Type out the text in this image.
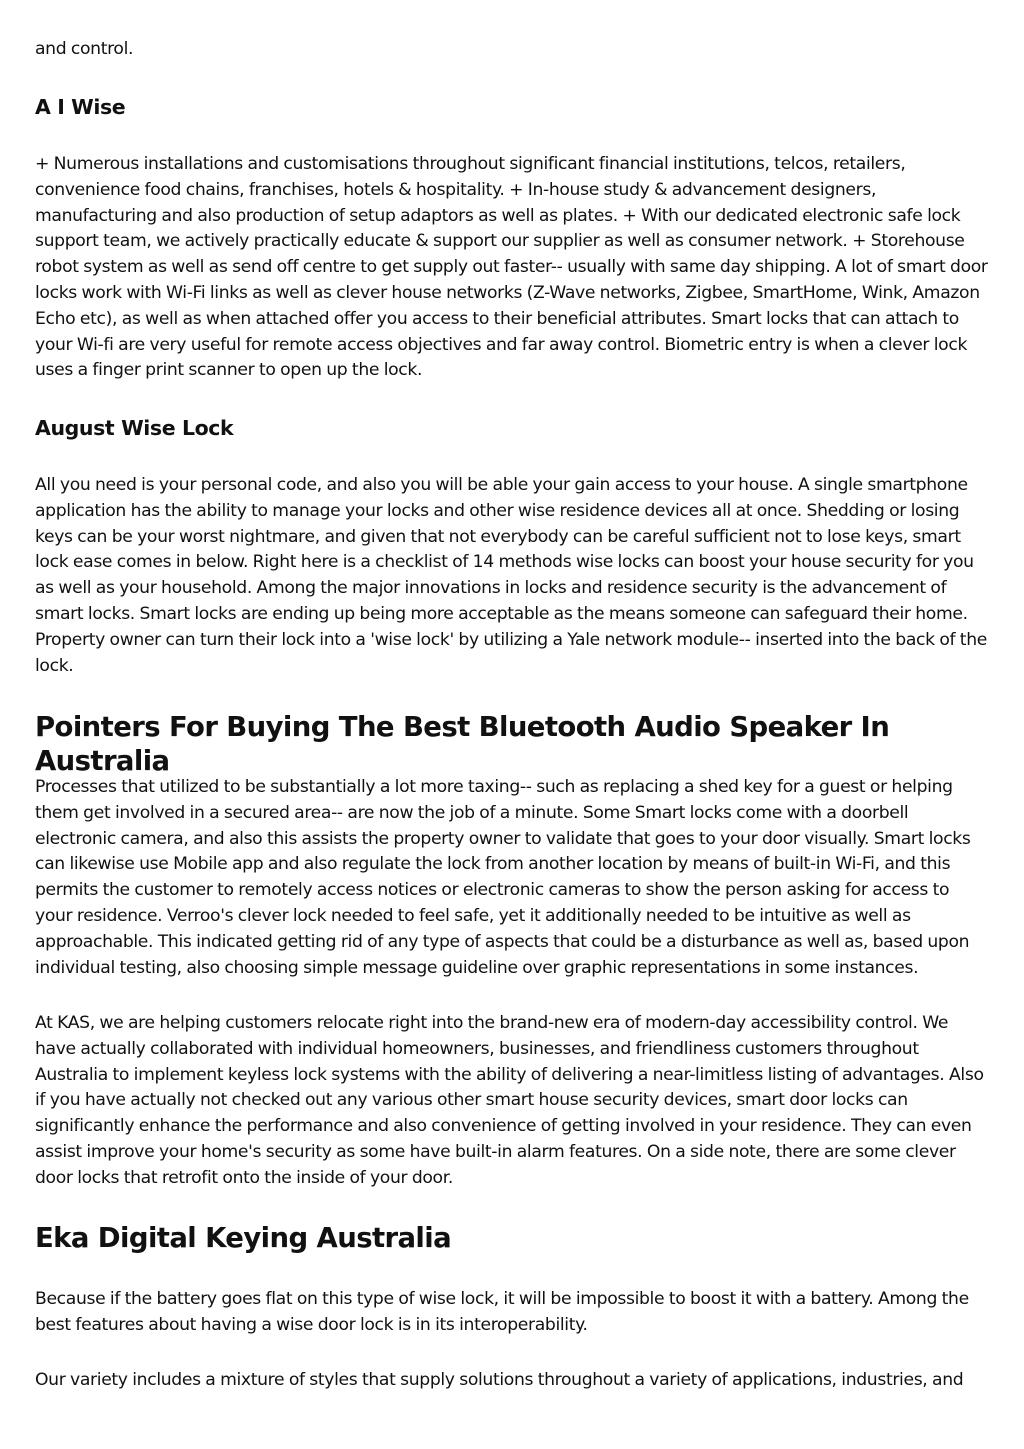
and control.

A I Wise

+ Numerous installations and customisations throughout significant financial institutions, telcos, retailers, convenience food chains, franchises, hotels & hospitality. + In-house study & advancement designers, manufacturing and also production of setup adaptors as well as plates. + With our dedicated electronic safe lock support team, we actively practically educate & support our supplier as well as consumer network. + Storehouse robot system as well as send off centre to get supply out faster-- usually with same day shipping. A lot of smart door locks work with Wi-Fi links as well as clever house networks (Z-Wave networks, Zigbee, SmartHome, Wink, Amazon Echo etc), as well as when attached offer you access to their beneficial attributes. Smart locks that can attach to your Wi-fi are very useful for remote access objectives and far away control. Biometric entry is when a clever lock uses a finger print scanner to open up the lock.

August Wise Lock

All you need is your personal code, and also you will be able your gain access to your house. A single smartphone application has the ability to manage your locks and other wise residence devices all at once. Shedding or losing keys can be your worst nightmare, and given that not everybody can be careful sufficient not to lose keys, smart lock ease comes in below. Right here is a checklist of 14 methods wise locks can boost your house security for you as well as your household. Among the major innovations in locks and residence security is the advancement of smart locks. Smart locks are ending up being more acceptable as the means someone can safeguard their home. Property owner can turn their lock into a 'wise lock' by utilizing a Yale network module-- inserted into the back of the lock.

Pointers For Buying The Best Bluetooth Audio Speaker In Australia

Processes that utilized to be substantially a lot more taxing-- such as replacing a shed key for a guest or helping them get involved in a secured area-- are now the job of a minute. Some Smart locks come with a doorbell electronic camera, and also this assists the property owner to validate that goes to your door visually. Smart locks can likewise use Mobile app and also regulate the lock from another location by means of built-in Wi-Fi, and this permits the customer to remotely access notices or electronic cameras to show the person asking for access to your residence. Verroo's clever lock needed to feel safe, yet it additionally needed to be intuitive as well as approachable. This indicated getting rid of any type of aspects that could be a disturbance as well as, based upon individual testing, also choosing simple message guideline over graphic representations in some instances.

At KAS, we are helping customers relocate right into the brand-new era of modern-day accessibility control. We have actually collaborated with individual homeowners, businesses, and friendliness customers throughout Australia to implement keyless lock systems with the ability of delivering a near-limitless listing of advantages. Also if you have actually not checked out any various other smart house security devices, smart door locks can significantly enhance the performance and also convenience of getting involved in your residence. They can even assist improve your home's security as some have built-in alarm features. On a side note, there are some clever door locks that retrofit onto the inside of your door.

Eka Digital Keying Australia

Because if the battery goes flat on this type of wise lock, it will be impossible to boost it with a battery. Among the best features about having a wise door lock is in its interoperability.

Our variety includes a mixture of styles that supply solutions throughout a variety of applications, industries, and
